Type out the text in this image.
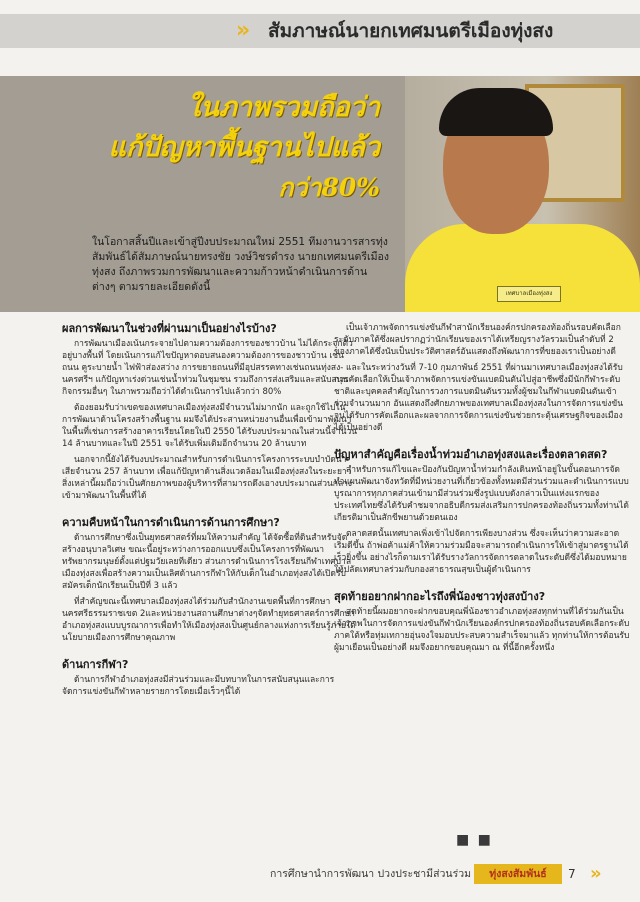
» สัมภาษณ์นายกเทศมนตรีเมืองทุ่งสง
ในภาพรวมถือว่า
แก้ปัญหาพื้นฐานไปแล้ว
กว่า80%
ในโอกาสสิ้นปีและเข้าสู่ปีงบประมาณใหม่ 2551 ทีมงานวารสารทุ่งสัมพันธ์ได้สัมภาษณ์นายทรงชัย วงษ์วิชรดำรง นายกเทศมนตรีเมืองทุ่งสง ถึงภาพรวมการพัฒนาและความก้าวหน้าดำเนินการด้านต่างๆ ตามรายละเอียดดังนี้
เทศบาลเมืองทุ่งสง
ผลการพัฒนาในช่วงที่ผ่านมาเป็นอย่างไรบ้าง?

การพัฒนาเมืองเน้นกระจายไปตามความต้องการของชาวบ้าน ไม่ได้กระจุกตัวอยู่บางพื้นที่ โดยเน้นการแก้ไขปัญหาตอบสนองความต้องการของชาวบ้าน เช่น ถนน คูระบายน้ำ ไฟฟ้าส่องสว่าง การขยายถนนที่มีอุปสรรคทางเช่นถนนทุ่งสง-นครศรีฯ แก้ปัญหาเร่งด่วนเช่นน้ำท่วมในชุมชน รวมถึงการส่งเสริมและสนับสนุนกิจกรรมอื่นๆ ในภาพรวมถือว่าได้ดำเนินการไปแล้วกว่า 80%

ต้องยอมรับว่าเขตของเทศบาลเมืองทุ่งสงมีจำนวนไม่มากนัก และถูกใช้ไปในการพัฒนาด้านโครงสร้างพื้นฐาน ผมจึงได้ประสานหน่วยงานอื่นเพื่อเข้ามาพัฒนาในพื้นที่เช่นการสร้างอาคารเรียนโดยในปี 2550 ได้รับงบประมาณในส่วนนี้จำนวน 14 ล้านบาทและในปี 2551 จะได้รับเพิ่มเติมอีกจำนวน 20 ล้านบาท

นอกจากนี้ยังได้รับงบประมาณสำหรับการดำเนินการโครงการระบบบำบัดน้ำเสียจำนวน 257 ล้านบาท เพื่อแก้ปัญหาด้านสิ่งแวดล้อมในเมืองทุ่งสงในระยะยาว สิ่งเหล่านี้ผมถือว่าเป็นศักยภาพของผู้บริหารที่สามารถดึงเอางบประมาณส่วนกลางเข้ามาพัฒนาในพื้นที่ได้

ความคืบหน้าในการดำเนินการด้านการศึกษา?

ด้านการศึกษาซึ่งเป็นยุทธศาสตร์ที่ผมให้ความสำคัญ ได้จัดซื้อที่ดินสำหรับจัดสร้างอนุบาลวิเศษ ขณะนี้อยู่ระหว่างการออกแบบซึ่งเป็นโครงการที่พัฒนาทรัพยากรมนุษย์ตั้งแต่ปฐมวัยเลยทีเดียว ส่วนการดำเนินการโรงเรียนกีฬาเทศบาลเมืองทุ่งสงเพื่อสร้างความเป็นเลิศด้านการกีฬาให้กับเด็กในอำเภอทุ่งสงได้เปิดรับสมัครเด็กนักเรียนเป็นปีที่ 3 แล้ว

ที่สำคัญขณะนี้เทศบาลเมืองทุ่งสงได้ร่วมกับสำนักงานเขตพื้นที่การศึกษานครศรีธรรมราชเขต 2และหน่วยงานสถานศึกษาต่างๆจัดทำยุทธศาสตร์การศึกษาอำเภอทุ่งสงแบบบูรณาการเพื่อทำให้เมืองทุ่งสงเป็นศูนย์กลางแห่งการเรียนรู้ภายใต้นโยบายเมืองการศึกษาคุณภาพ

ด้านการกีฬา?

ด้านการกีฬาอำเภอทุ่งสงมีส่วนร่วมและมีบทบาทในการสนับสนุนและการจัดการแข่งขันกีฬาหลายรายการโดยเมื่อเร็วๆนี้ได้

เป็นเจ้าภาพจัดการแข่งขันกีฬาสานักเรียนองค์กรปกครองท้องถิ่นรอบคัดเลือกระดับภาคใต้ซึ่งผลปรากฏว่านักเรียนของเราได้เหรียญรางวัลรวมเป็นลำดับที่ 2 ของภาคได้ซึ่งนับเป็นประวัติศาสตร์อันแสดงถึงพัฒนาการที่ขยองเราเป็นอย่างดี

และในระหว่างวันที่ 7-10 กุมภาพันธ์ 2551 ที่ผ่านมาเทศบาลเมืองทุ่งสงได้รับการคัดเลือกให้เป็นเจ้าภาพจัดการแข่งขันแบดมินตันไปสู่อาชีพซึ่งมีนักกีฬาระดับชาติและบุคคลสำคัญในการวงการแบดมินตันรวมทั้งผู้ชมในกีฬาแบดมินตันเข้าร่วมจำนวนมาก อันแสดงถึงศักยภาพของเทศบาลเมืองทุ่งสงในการจัดการแข่งขันจนได้รับการคัดเลือกและผลจากการจัดการแข่งขันช่วยกระตุ้นเศรษฐกิจของเมืองได้เป็นอย่างดี

ปัญหาสำคัญคือเรื่องน้ำท่วมอำเภอทุ่งสงและเรื่องตลาดสด?

สำหรับการแก้ไขและป้องกันปัญหาน้ำท่วมกำลังเดินหน้าอยู่ในขั้นตอนการจัดทำแผนพัฒนาจังหวัดที่มีหน่วยงานที่เกี่ยวข้องทั้งหมดมีส่วนร่วมและดำเนินการแบบบูรณาการทุกภาคส่วนเข้ามามีส่วนร่วมซึ่งรูปแบบดังกล่าวเป็นแห่งแรกของประเทศไทยซึ่งได้รับคำชมจากอธิบดีกรมส่งเสริมการปกครองท้องถิ่นรวมทั้งท่านได้เกียรติมาเป็นสักขีพยานด้วยตนเอง

ตลาดสดนั้นเทศบาลเพิ่งเข้าไปจัดการเพียงบางส่วน ซึ่งจะเห็นว่าความสะอาดเริ่มดีขึ้น ถ้าพ่อค้าแม่ค้าให้ความร่วมมือจะสามารถดำเนินการให้เข้าสู่มาตรฐานได้เร็วยิ่งขึ้น อย่างไรก็ตามเราได้รับรางวัลการจัดการตลาดในระดับดีซึ่งได้มอบหมายให้ปลัดเทศบาลร่วมกับกองสาธารณสุขเป็นผู้ดำเนินการ

สุดท้ายอยากฝากอะไรถึงพี่น้องชาวทุ่งสงบ้าง?

สุดท้ายนี้ผมอยากจะฝากขอบคุณพี่น้องชาวอำเภอทุ่งสงทุกท่านที่ได้ร่วมกันเป็นเจ้าภาพในการจัดการแข่งขันกีฬานักเรียนองค์กรปกครองท้องถิ่นรอบคัดเลือกระดับภาคใต้หรือทุ่มเทกายอุ่นจงใจมอบประสบความสำเร็จมาแล้ว ทุกท่านให้การต้อนรับผู้มาเยือนเป็นอย่างดี ผมจึงอยากขอบคุณมา ณ ที่นี้อีกครั้งหนึ่ง

■ ■
การศึกษานำการพัฒนา ปวงประชามีส่วนร่วม	ทุ่งสงสัมพันธ์	7 »
